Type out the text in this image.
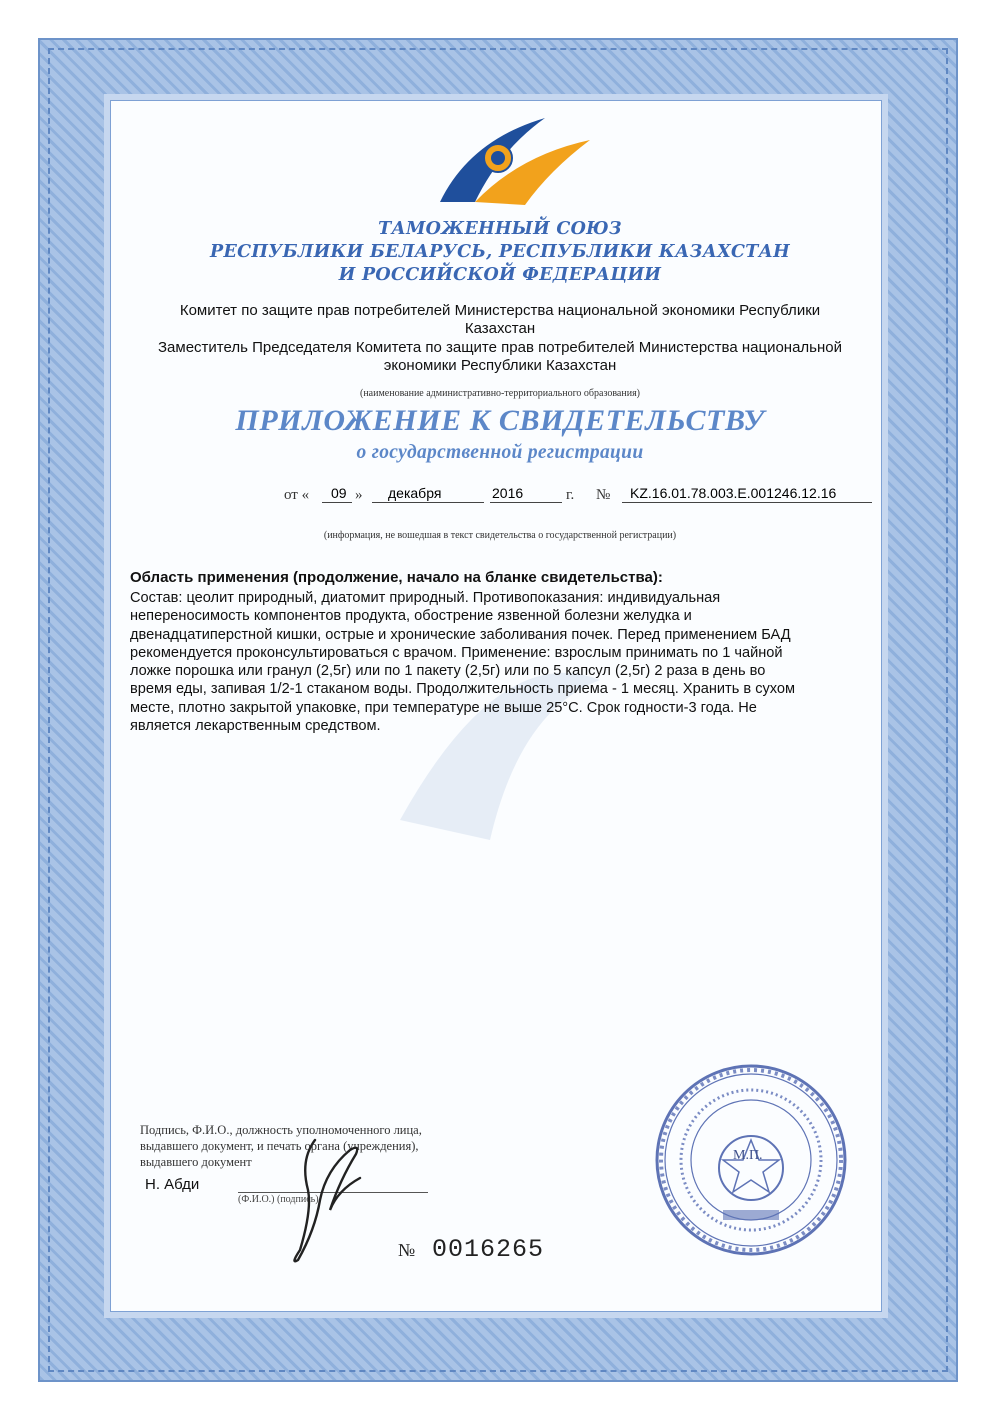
ТАМОЖЕННЫЙ СОЮЗ
РЕСПУБЛИКИ БЕЛАРУСЬ, РЕСПУБЛИКИ КАЗАХСТАН
И РОССИЙСКОЙ ФЕДЕРАЦИИ
Комитет по защите прав потребителей Министерства национальной экономики Республики
Казахстан
Заместитель Председателя Комитета по защите прав потребителей Министерства национальной
экономики Республики Казахстан
(наименование административно-территориального образования)
ПРИЛОЖЕНИЕ К СВИДЕТЕЛЬСТВУ
о государственной регистрации
от « 09 » декабря	2016	г. № KZ.16.01.78.003.E.001246.12.16
(информация, не вошедшая в текст свидетельства о государственной регистрации)
Область применения (продолжение, начало на бланке свидетельства):
Состав: цеолит природный, диатомит природный. Противопоказания: индивидуальная
непереносимость компонентов продукта, обострение язвенной болезни желудка и
двенадцатиперстной кишки, острые и хронические заболивания почек. Перед применением БАД
рекомендуется проконсультироваться с врачом. Применение: взрослым принимать по 1 чайной
ложке порошка или гранул (2,5г) или по 1 пакету (2,5г) или по 5 капсул (2,5г) 2 раза в день во
время еды, запивая 1/2-1 стаканом воды. Продолжительность приема - 1 месяц. Хранить в сухом
месте, плотно закрытой упаковке, при температуре не выше 25°С. Срок годности-3 года. Не
является лекарственным средством.
Подпись, Ф.И.О., должность уполномоченного лица,
выдавшего документ, и печать органа (учреждения),
выдавшего документ
Н. Абди
(Ф.И.О.) (подпись)
М.П.
№ 0016265
